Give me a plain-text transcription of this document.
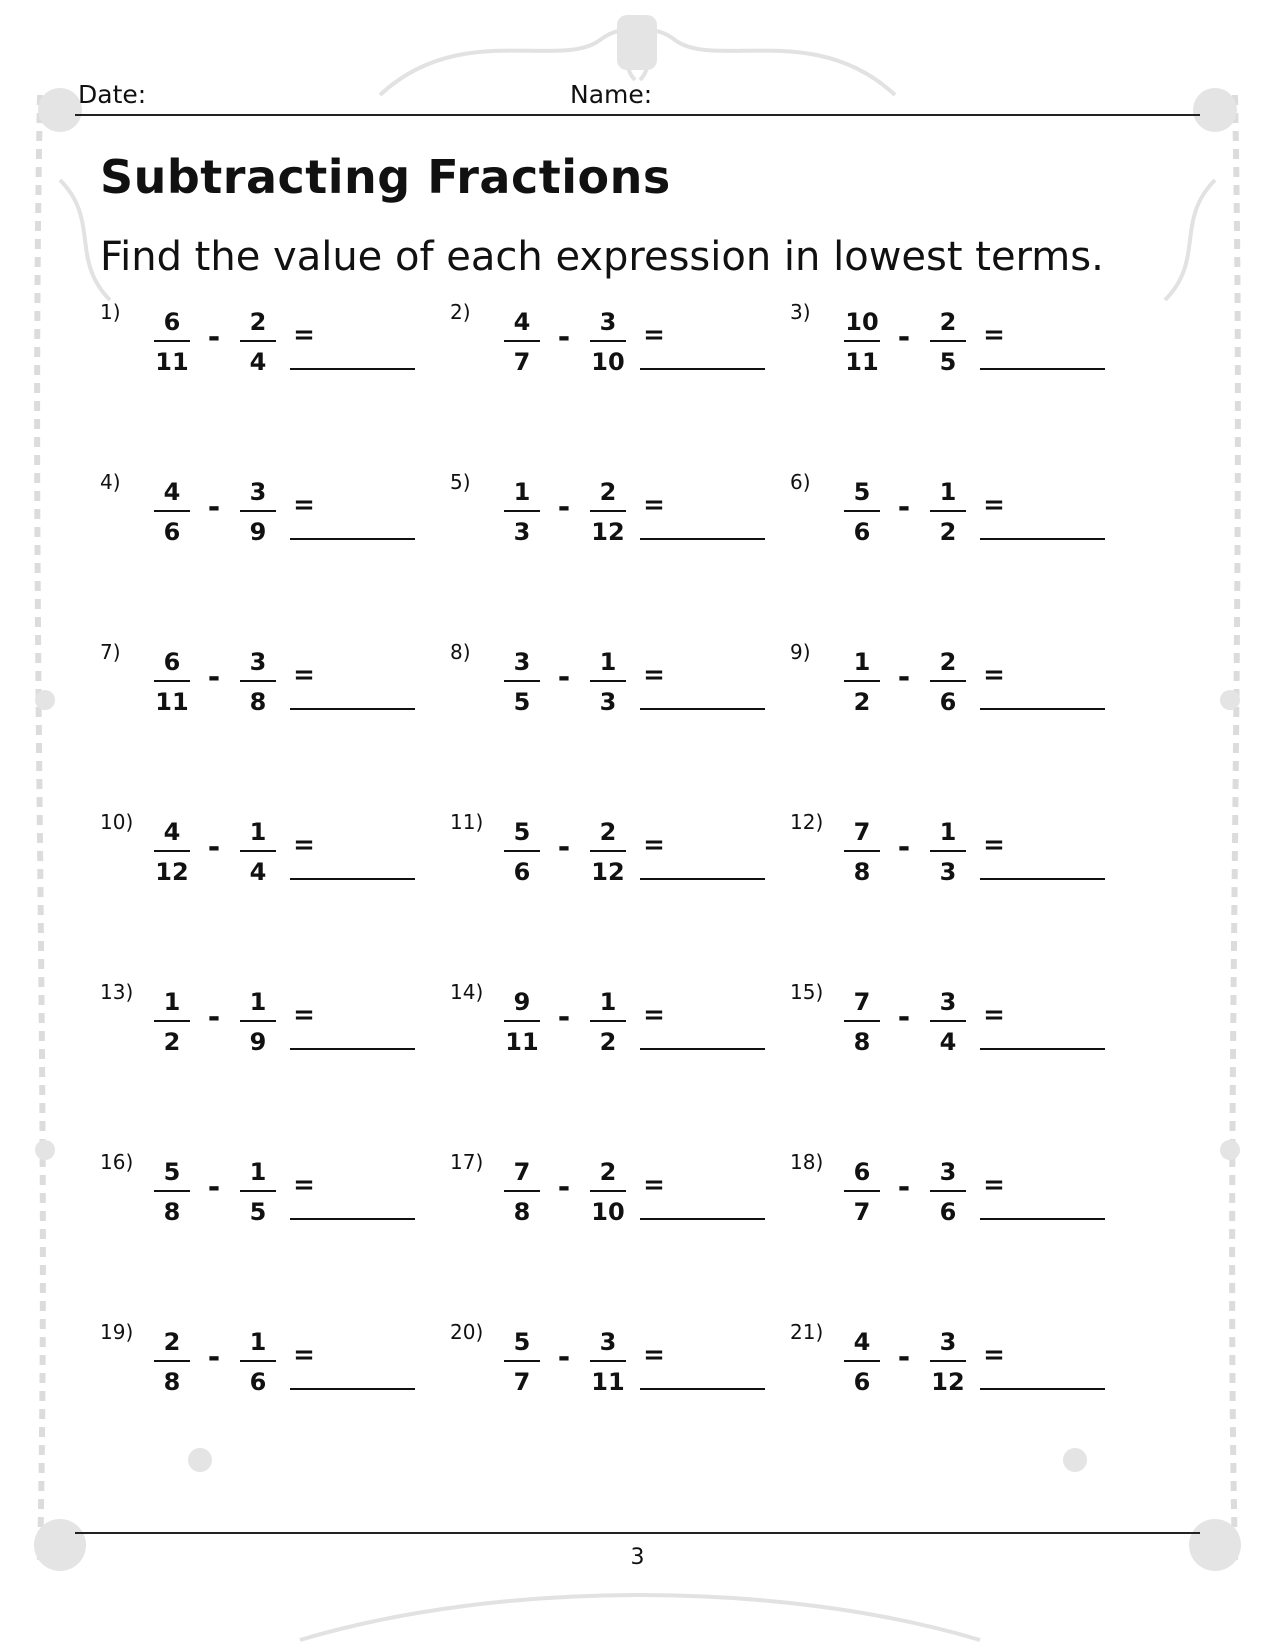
Date:	Name:
Subtracting Fractions
Find the value of each expression in lowest terms.
1)	6
11
-	2
4
=
2)	4
7
-	3
10
=
3)	10
11
-	2
5
=
4)	4
6
-	3
9
=
5)	1
3
-	2
12
=
6)	5
6
-	1
2
=
7)	6
11
-	3
8
=
8)	3
5
-	1
3
=
9)	1
2
-	2
6
=
10)	4
12
-	1
4
=
11)	5
6
-	2
12
=
12)	7
8
-	1
3
=
13)	1
2
-	1
9
=
14)	9
11
-	1
2
=
15)	7
8
-	3
4
=
16)	5
8
-	1
5
=
17)	7
8
-	2
10
=
18)	6
7
-	3
6
=
19)	2
8
-	1
6
=
20)	5
7
-	3
11
=
21)	4
6
-	3
12
=
3
